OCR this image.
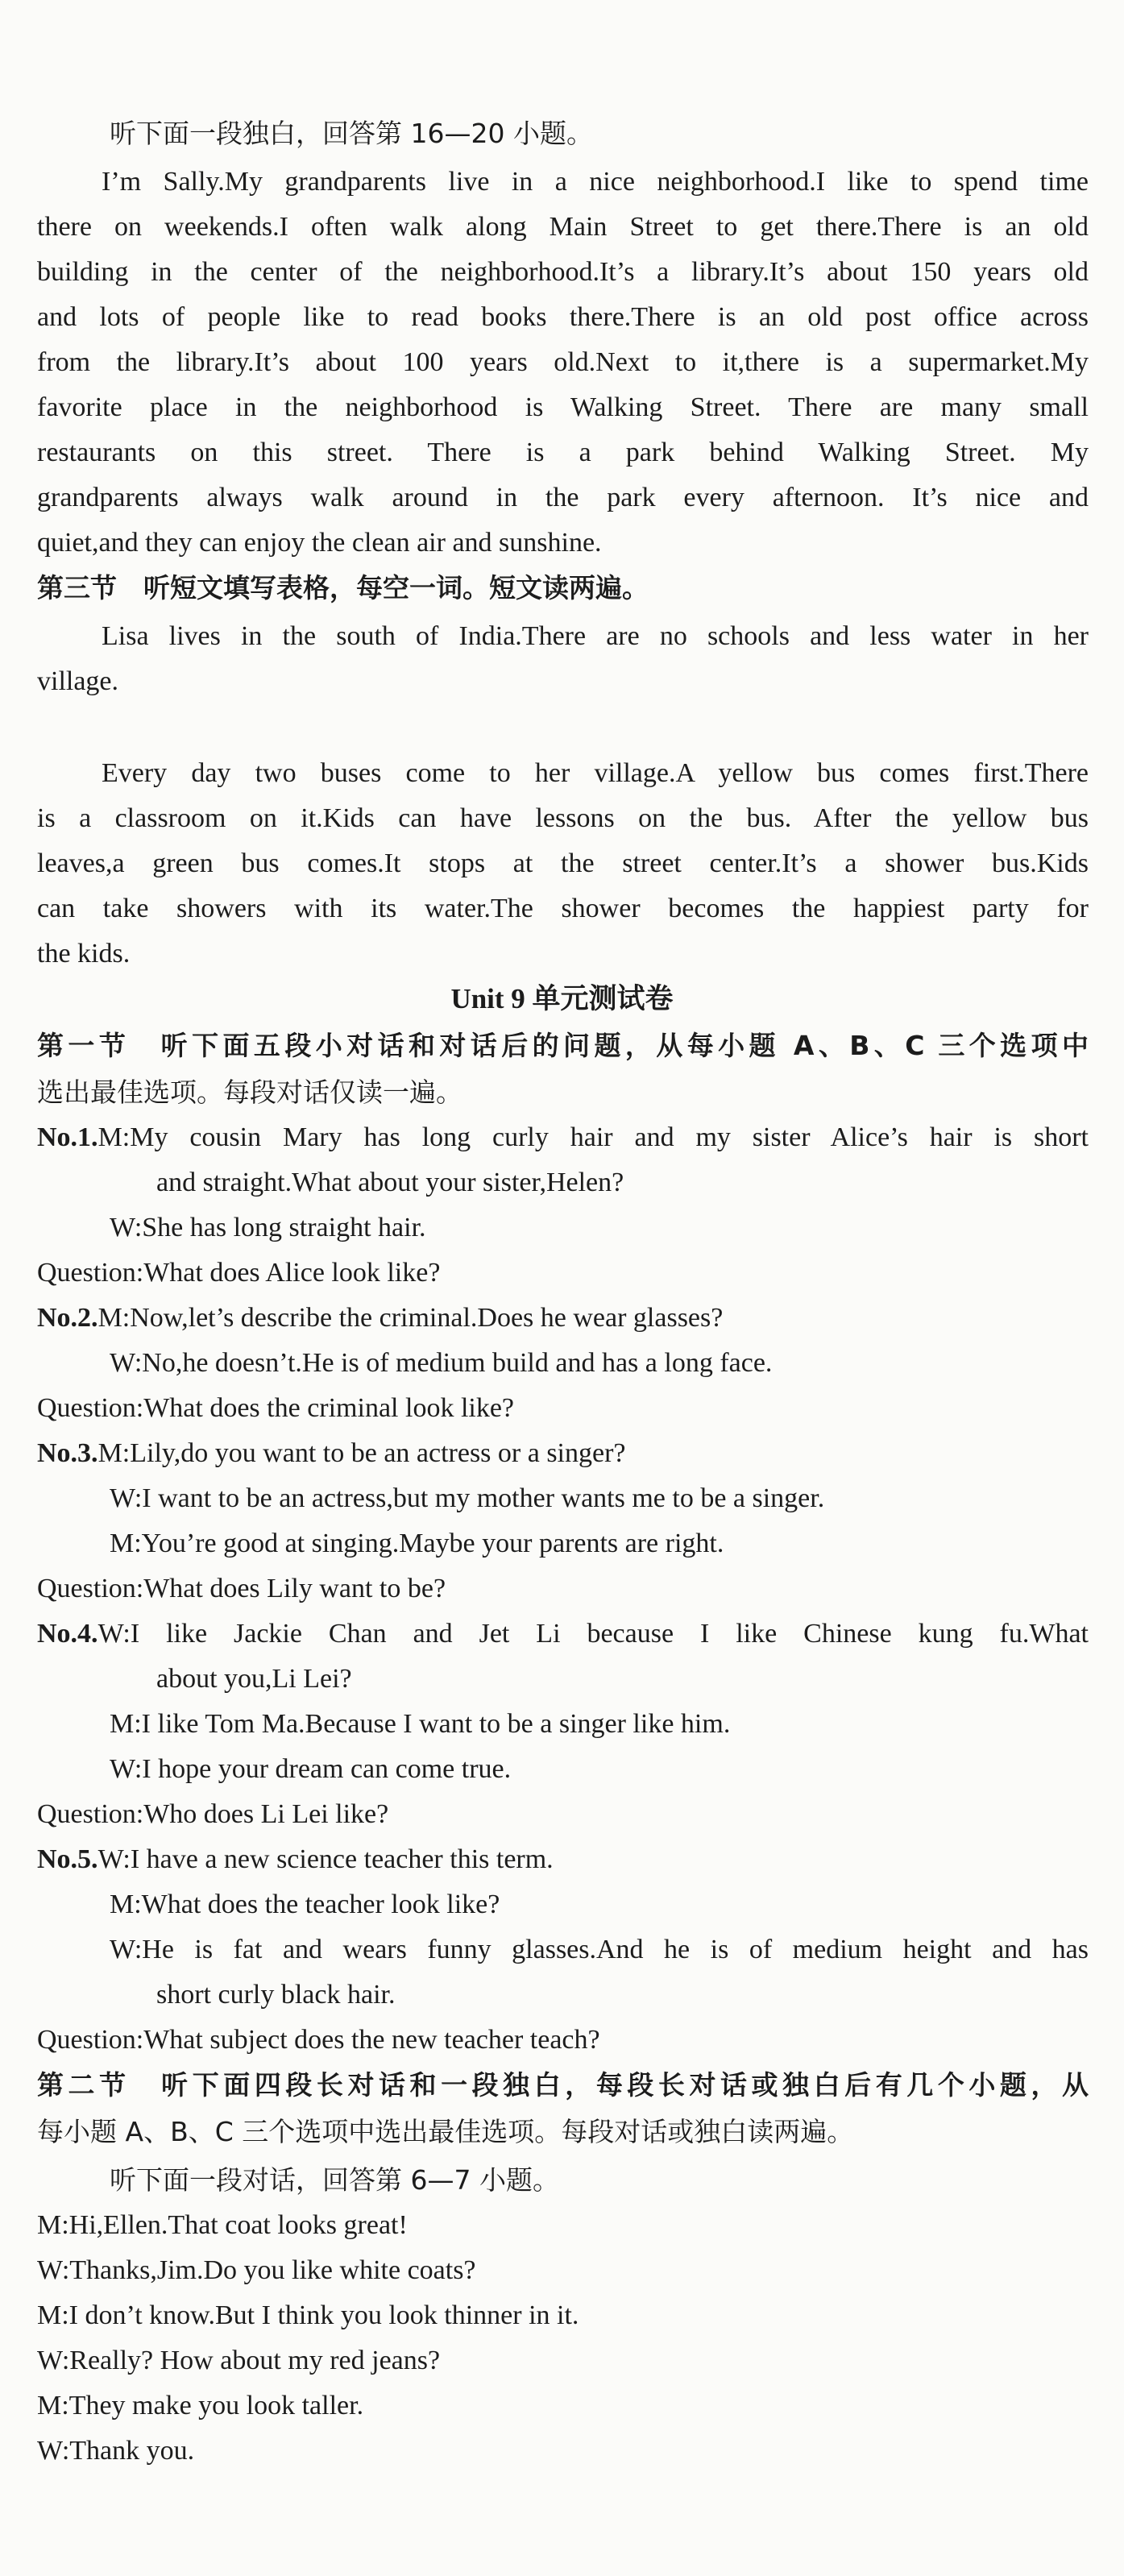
Unit 9 单元测试卷
听下面一段独白，回答第 16—20 小题。
I’m Sally.My grandparents live in a nice neighborhood.I like to spend time
there on weekends.I often walk along Main Street to get there.There is an old
building in the center of the neighborhood.It’s a library.It’s about 150 years old
and lots of people like to read books there.There is an old post office across
from the library.It’s about 100 years old.Next to it,there is a supermarket.My
favorite place in the neighborhood is Walking Street. There are many small
restaurants on this street. There is a park behind Walking Street. My
grandparents always walk around in the park every afternoon. It’s nice and
quiet,and they can enjoy the clean air and sunshine.
第三节　听短文填写表格，每空一词。短文读两遍。
Lisa lives in the south of India.There are no schools and less water in her
village.
Every day two buses come to her village.A yellow bus comes first.There
is a classroom on it.Kids can have lessons on the bus. After the yellow bus
leaves,a green bus comes.It stops at the street center.It’s a shower bus.Kids
can take showers with its water.The shower becomes the happiest party for
the kids.
第一节　听下面五段小对话和对话后的问题，从每小题 A、B、C 三个选项中
选出最佳选项。每段对话仅读一遍。
No.1.M:My cousin Mary has long curly hair and my sister Alice’s hair is short
and straight.What about your sister,Helen?
W:She has long straight hair.
Question:What does Alice look like?
No.2.M:Now,let’s describe the criminal.Does he wear glasses?
W:No,he doesn’t.He is of medium build and has a long face.
Question:What does the criminal look like?
No.3.M:Lily,do you want to be an actress or a singer?
W:I want to be an actress,but my mother wants me to be a singer.
M:You’re good at singing.Maybe your parents are right.
Question:What does Lily want to be?
No.4.W:I like Jackie Chan and Jet Li because I like Chinese kung fu.What
about you,Li Lei?
M:I like Tom Ma.Because I want to be a singer like him.
W:I hope your dream can come true.
Question:Who does Li Lei like?
No.5.W:I have a new science teacher this term.
M:What does the teacher look like?
W:He is fat and wears funny glasses.And he is of medium height and has
short curly black hair.
Question:What subject does the new teacher teach?
第二节　听下面四段长对话和一段独白，每段长对话或独白后有几个小题，从
每小题 A、B、C 三个选项中选出最佳选项。每段对话或独白读两遍。
听下面一段对话，回答第 6—7 小题。
M:Hi,Ellen.That coat looks great!
W:Thanks,Jim.Do you like white coats?
M:I don’t know.But I think you look thinner in it.
W:Really? How about my red jeans?
M:They make you look taller.
W:Thank you.
